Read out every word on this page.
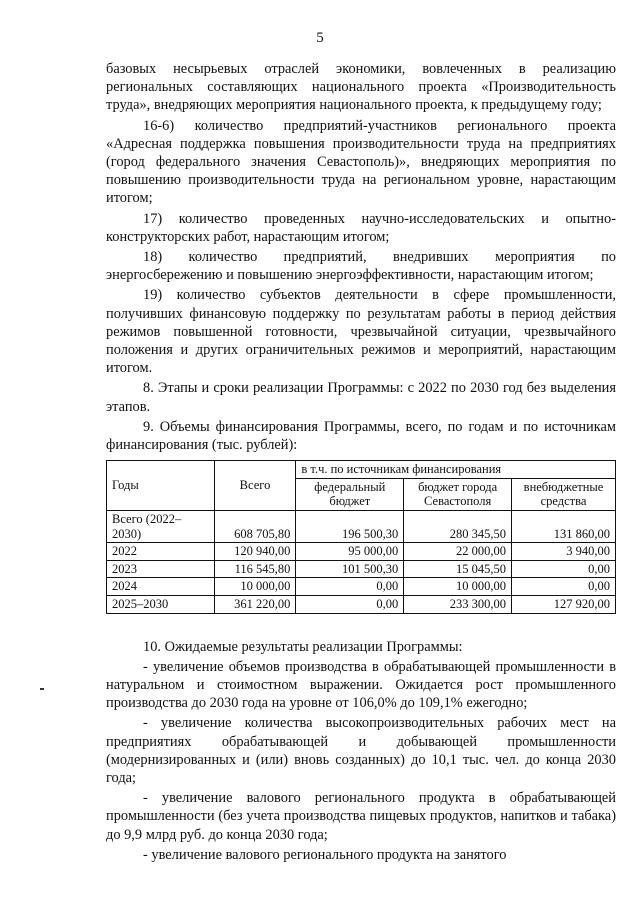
5

базовых несырьевых отраслей экономики, вовлеченных в реализацию региональных составляющих национального проекта «Производительность труда», внедряющих мероприятия национального проекта, к предыдущему году;

16-6) количество предприятий-участников регионального проекта «Адресная поддержка повышения производительности труда на предприятиях (город федерального значения Севастополь)», внедряющих мероприятия по повышению производительности труда на региональном уровне, нарастающим итогом;

17) количество проведенных научно-исследовательских и опытно-конструкторских работ, нарастающим итогом;

18) количество предприятий, внедривших мероприятия по энергосбережению и повышению энергоэффективности, нарастающим итогом;

19) количество субъектов деятельности в сфере промышленности, получивших финансовую поддержку по результатам работы в период действия режимов повышенной готовности, чрезвычайной ситуации, чрезвычайного положения и других ограничительных режимов и мероприятий, нарастающим итогом.

8. Этапы и сроки реализации Программы: с 2022 по 2030 год без выделения этапов.

9. Объемы финансирования Программы, всего, по годам и по источникам финансирования (тыс. рублей):

Годы	Всего	в т.ч. по источникам финансирования		
		федеральный бюджет	бюджет города Севастополя	внебюджетные средства
Всего (2022–2030)	608 705,80	196 500,30	280 345,50	131 860,00
2022	120 940,00	95 000,00	22 000,00	3 940,00
2023	116 545,80	101 500,30	15 045,50	0,00
2024	10 000,00	0,00	10 000,00	0,00
2025–2030	361 220,00	0,00	233 300,00	127 920,00

10. Ожидаемые результаты реализации Программы:

- увеличение объемов производства в обрабатывающей промышленности в натуральном и стоимостном выражении. Ожидается рост промышленного производства до 2030 года на уровне от 106,0% до 109,1% ежегодно;

- увеличение количества высокопроизводительных рабочих мест на предприятиях обрабатывающей и добывающей промышленности (модернизированных и (или) вновь созданных) до 10,1 тыс. чел. до конца 2030 года;

- увеличение валового регионального продукта в обрабатывающей промышленности (без учета производства пищевых продуктов, напитков и табака) до 9,9 млрд руб. до конца 2030 года;

- увеличение валового регионального продукта на занятого
